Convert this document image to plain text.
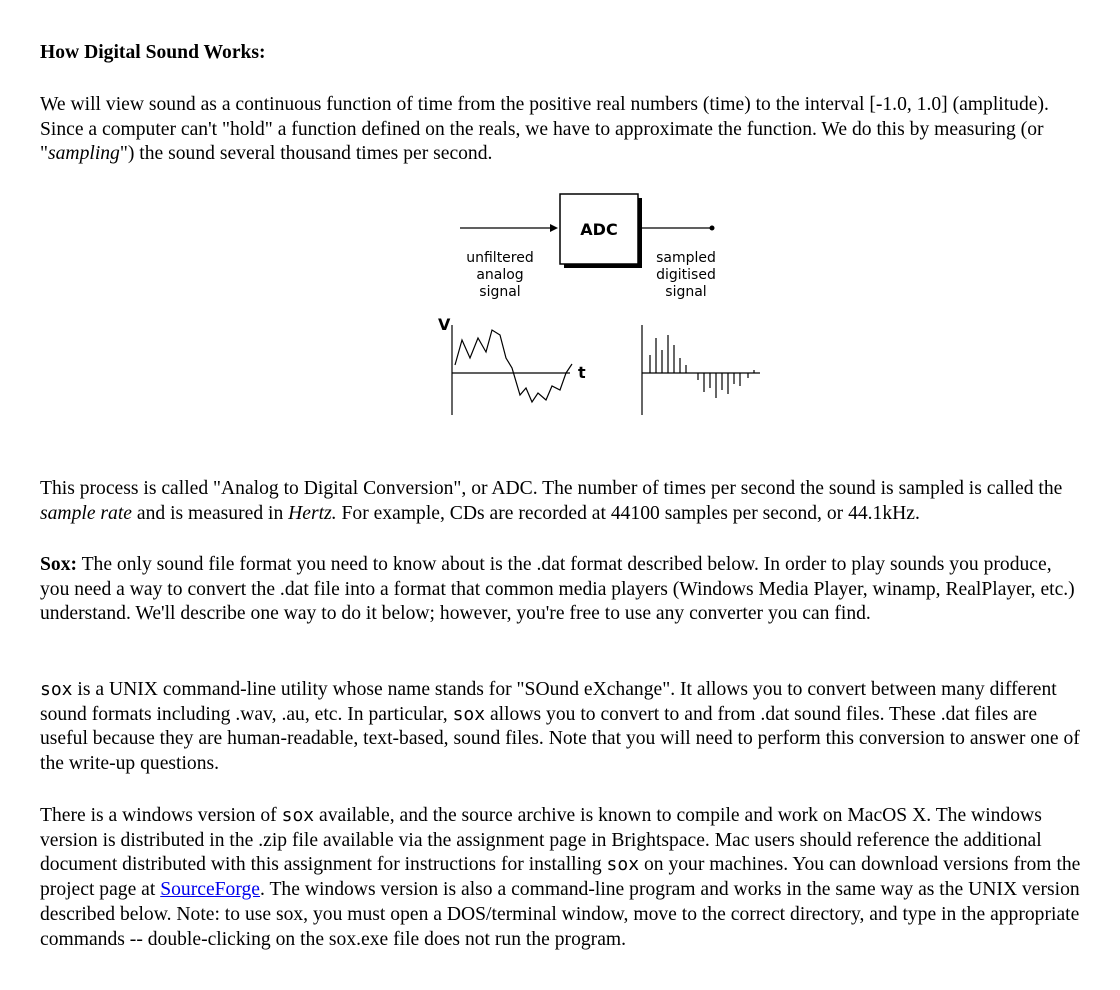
How Digital Sound Works:

We will view sound as a continuous function of time from the positive real numbers (time) to the interval [-1.0, 1.0] (amplitude). Since a computer can't "hold" a function defined on the reals, we have to approximate the function. We do this by measuring (or "sampling") the sound several thousand times per second.

ADC
unfiltered
analog
signal
sampled
digitised
signal
V
t

This process is called "Analog to Digital Conversion", or ADC. The number of times per second the sound is sampled is called the sample rate and is measured in Hertz. For example, CDs are recorded at 44100 samples per second, or 44.1kHz.

Sox: The only sound file format you need to know about is the .dat format described below. In order to play sounds you produce, you need a way to convert the .dat file into a format that common media players (Windows Media Player, winamp, RealPlayer, etc.) understand. We'll describe one way to do it below; however, you're free to use any converter you can find.

sox is a UNIX command-line utility whose name stands for "SOund eXchange". It allows you to convert between many different sound formats including .wav, .au, etc. In particular, sox allows you to convert to and from .dat sound files. These .dat files are useful because they are human-readable, text-based, sound files. Note that you will need to perform this conversion to answer one of the write-up questions.

There is a windows version of sox available, and the source archive is known to compile and work on MacOS X. The windows version is distributed in the .zip file available via the assignment page in Brightspace. Mac users should reference the additional document distributed with this assignment for instructions for installing sox on your machines. You can download versions from the project page at SourceForge. The windows version is also a command-line program and works in the same way as the UNIX version described below. Note: to use sox, you must open a DOS/terminal window, move to the correct directory, and type in the appropriate commands -- double-clicking on the sox.exe file does not run the program.
